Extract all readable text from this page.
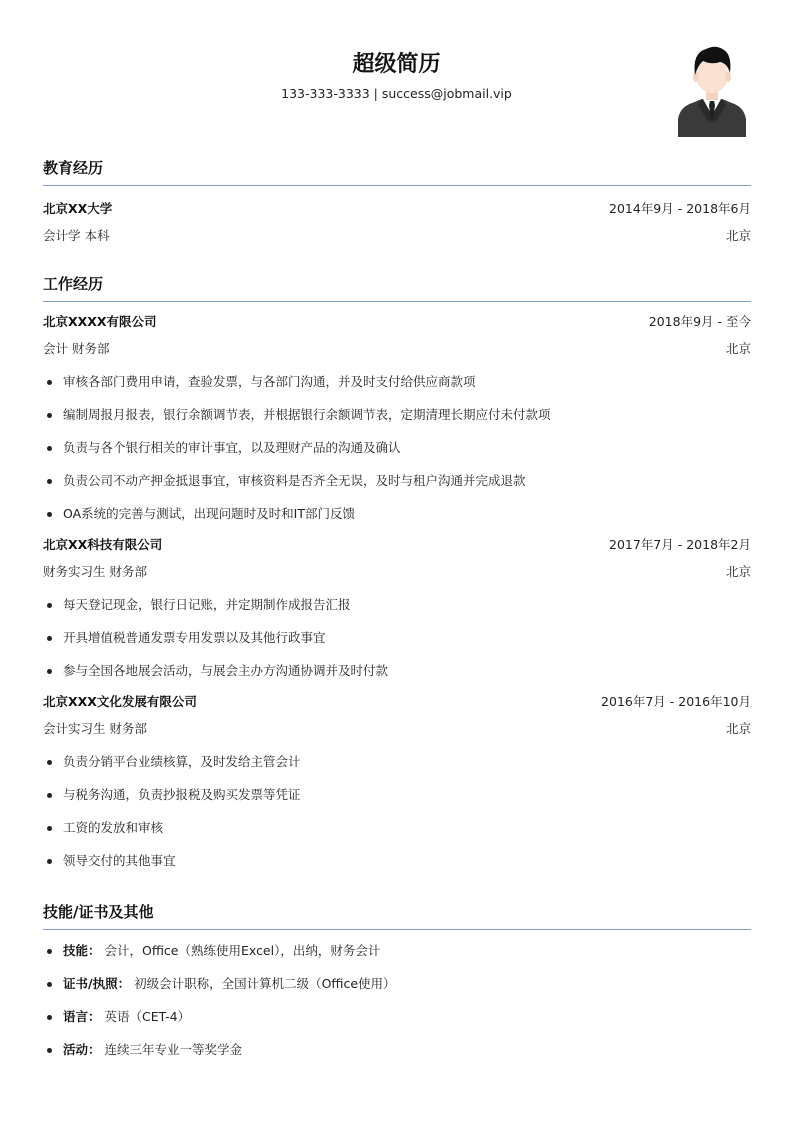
超级简历
133-333-3333 | success@jobmail.vip
教育经历
北京XX大学	2014年9月 - 2018年6月
会计学 本科	北京
工作经历
北京XXXX有限公司	2018年9月 - 至今
会计 财务部	北京
审核各部门费用申请，查验发票，与各部门沟通，并及时支付给供应商款项
编制周报月报表，银行余额调节表，并根据银行余额调节表，定期清理长期应付未付款项
负责与各个银行相关的审计事宜，以及理财产品的沟通及确认
负责公司不动产押金抵退事宜，审核资料是否齐全无误，及时与租户沟通并完成退款
OA系统的完善与测试，出现问题时及时和IT部门反馈
北京XX科技有限公司	2017年7月 - 2018年2月
财务实习生 财务部	北京
每天登记现金，银行日记账，并定期制作成报告汇报
开具增值税普通发票专用发票以及其他行政事宜
参与全国各地展会活动，与展会主办方沟通协调并及时付款
北京XXX文化发展有限公司	2016年7月 - 2016年10月
会计实习生 财务部	北京
负责分销平台业绩核算，及时发给主管会计
与税务沟通，负责抄报税及购买发票等凭证
工资的发放和审核
领导交付的其他事宜
技能/证书及其他
技能： 会计，Office（熟练使用Excel），出纳，财务会计
证书/执照： 初级会计职称，全国计算机二级（Office使用）
语言： 英语（CET-4）
活动： 连续三年专业一等奖学金
